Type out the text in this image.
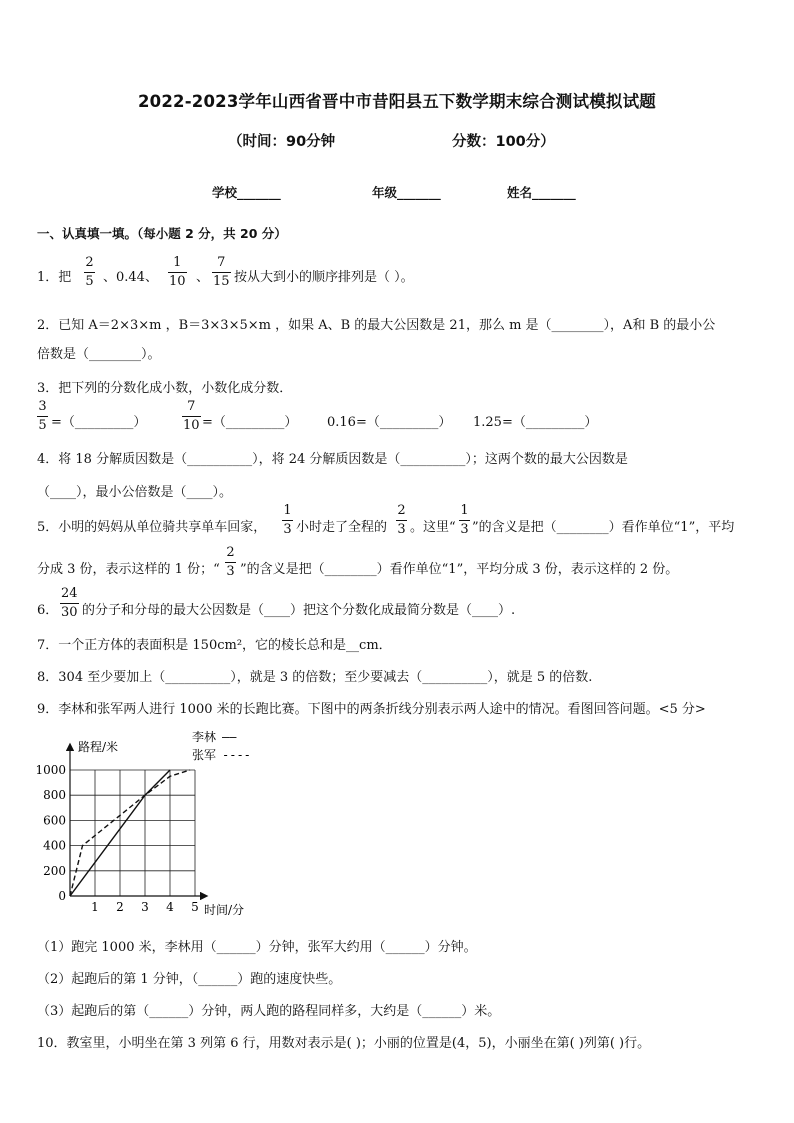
2022-2023学年山西省晋中市昔阳县五下数学期末综合测试模拟试题
（时间：90分钟	分数：100分）
学校_______	年级_______	姓名_______
一、认真填一填。（每小题 2 分，共 20 分）
1．把
2
5 、0.44、
1
10 、
7
15 按从大到小的顺序排列是（ ）。
2．已知 A＝2×3×m ，B＝3×3×5×m ，如果 A、B 的最大公因数是 21，那么 m 是（________），A和 B 的最小公
倍数是（________）。
3．把下列的分数化成小数，小数化成分数．
3
5 =（_________）
7
10 =（_________） 0.16=（_________） 1.25=（_________）
4．将 18 分解质因数是（__________），将 24 分解质因数是（__________）；这两个数的最大公因数是
（____），最小公倍数是（____）。
5．小明的妈妈从单位骑共享单车回家，
1
3 小时走了全程的
2
3 。这里“
1
3 ”的含义是把（________）看作单位“1”，平均
分成 3 份，表示这样的 1 份；“
2
3 ”的含义是把（________）看作单位“1”，平均分成 3 份，表示这样的 2 份。
6．
24
30 的分子和分母的最大公因数是（____）把这个分数化成最简分数是（____）.
7．一个正方体的表面积是 150cm²，它的棱长总和是__cm．
8．304 至少要加上（__________），就是 3 的倍数；至少要减去（__________），就是 5 的倍数.
9．李林和张军两人进行 1000 米的长跑比赛。下图中的两条折线分别表示两人途中的情况。看图回答问题。<5 分>
路程/米
时间/分
0
200
400
600
800
1000
1 2 3 4 5
李林 ——
张军 ----
（1）跑完 1000 米，李林用（______）分钟，张军大约用（______）分钟。
（2）起跑后的第 1 分钟，（______）跑的速度快些。
（3）起跑后的第（______）分钟，两人跑的路程同样多，大约是（______）米。
10．教室里，小明坐在第 3 列第 6 行，用数对表示是( )；小丽的位置是(4，5)，小丽坐在第( )列第( )行。
